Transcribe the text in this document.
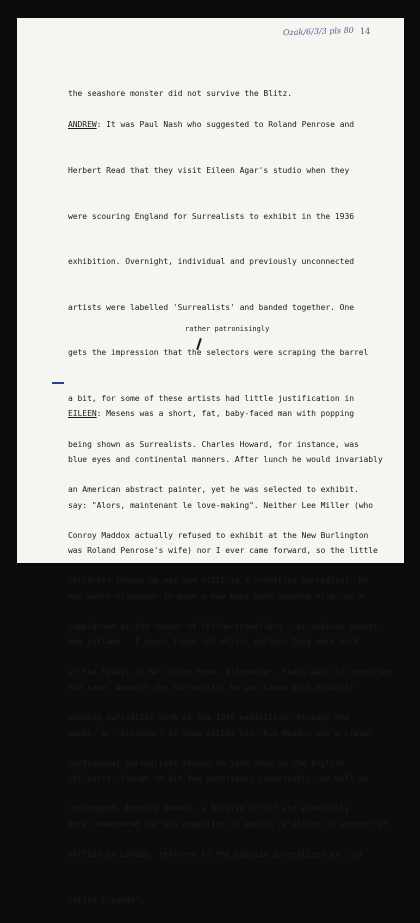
Ozak/6/3/3 pls 80 14

the seashore monster did not survive the Blitz.

ANDREW: It was Paul Nash who suggested to Roland Penrose and

Herbert Read that they visit Eileen Agar's studio when they

were scouring England for Surrealists to exhibit in the 1936

exhibition. Overnight, individual and previously unconnected

artists were labelled 'Surrealists' and banded together. One

gets the impression that the selectors were scraping the barrel

a bit, for some of these artists had little justification in

being shown as Surrealists. Charles Howard, for instance, was

an American abstract painter, yet he was selected to exhibit.

Conroy Maddox actually refused to exhibit at the New Burlington

Galleries though he was and still is a committed Surrealist. He

complained at the number of fellow-travellers - or dubious guests

at the feast, as he called them. Altogether, there were 14 countries

showing Surrealist work at the 1936 exhibition. Perhaps the

continental Surrealists tended to look down on the English

contingent. Edouard Mesens, a Belgian artist who eventually

settled in London, referred to the English Surrealists as "our

little friends".

rather patronisingly

EILEEN: Mesens was a short, fat, baby-faced man with popping

blue eyes and continental manners. After lunch he would invariably

say: "Alors, maintenant le love-making". Neither Lee Miller (who

was Roland Penrose's wife) nor I ever came forward, so the little

man would disappear to make a new baby with someone else, or a

new collage - I never found out which; perhaps they were much

the same. Amongst the Surrealists he was known as a mischief-

maker, or "tricheur" as some called him. But Mesens was a clever

collagist, though he did few paintings; conceivably, he will be

more remembered for his expertise in public relations in support of
